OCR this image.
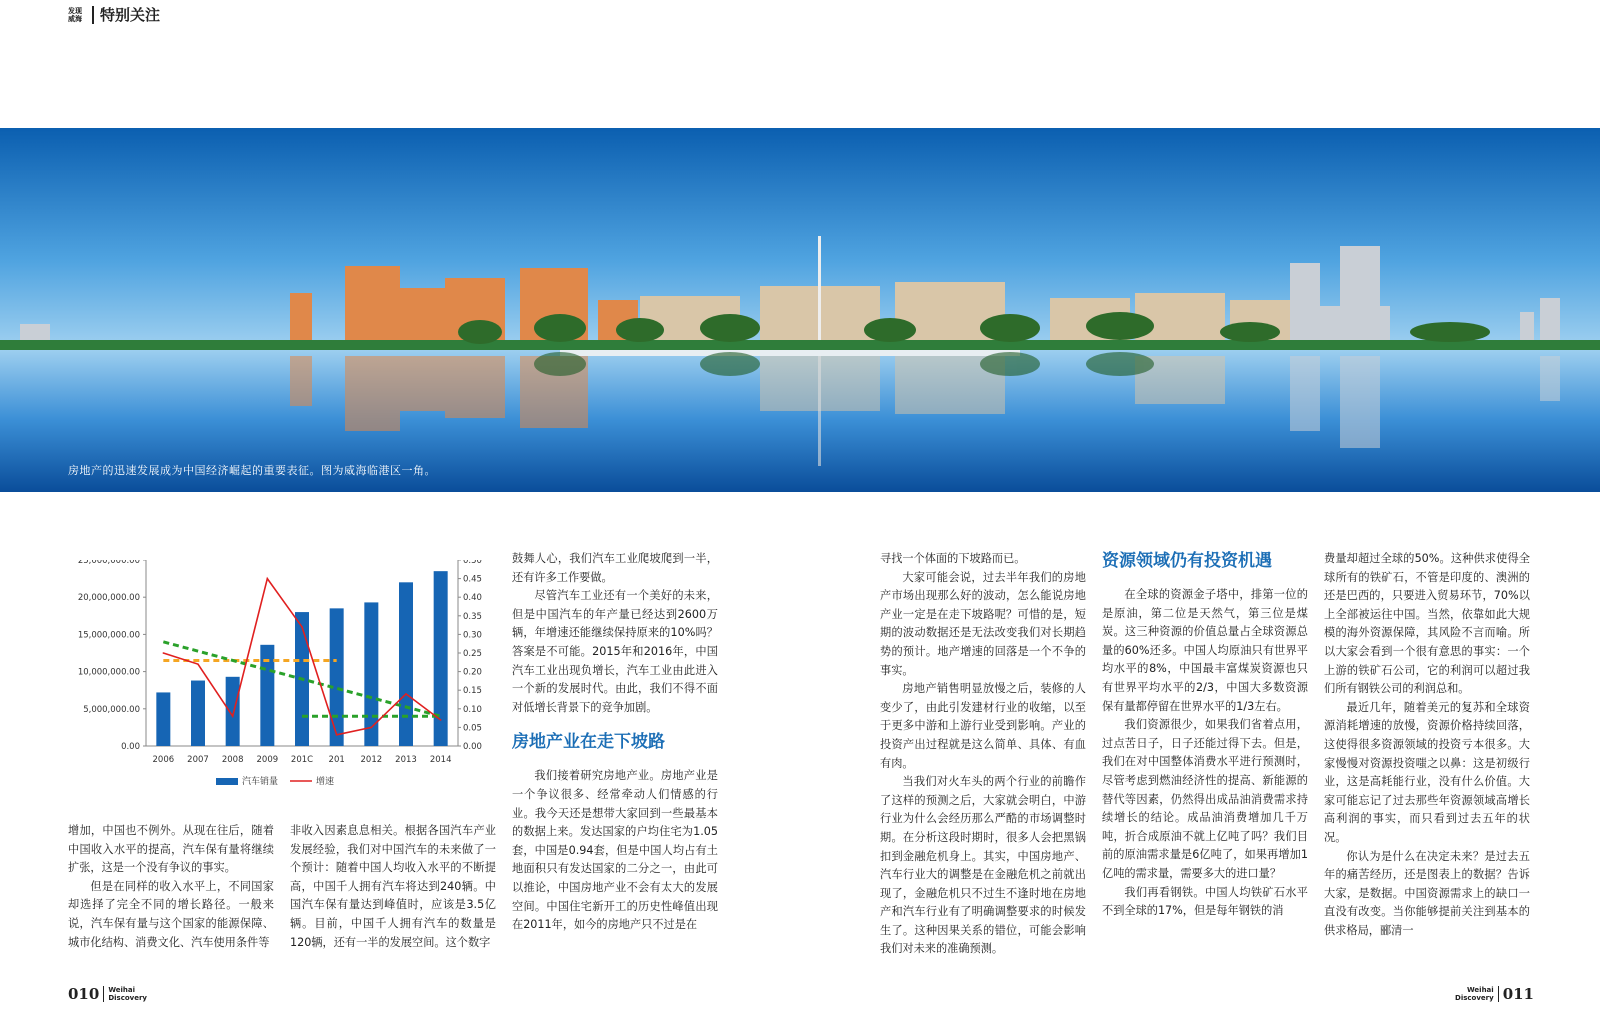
发现
威海 特别关注
房地产的迅速发展成为中国经济崛起的重要表征。图为威海临港区一角。
0.00
5,000,000.00
10,000,000.00
15,000,000.00
20,000,000.00
25,000,000.00
0.00
0.05
0.10
0.15
0.20
0.25
0.30
0.35
0.40
0.45
0.50
2006 2007 2008 2009 201C 201 2012 2013 2014
汽车销量	增速

增加，中国也不例外。从现在往后，随着中国收入水平的提高，汽车保有量将继续扩张，这是一个没有争议的事实。

但是在同样的收入水平上，不同国家却选择了完全不同的增长路径。一般来说，汽车保有量与这个国家的能源保障、城市化结构、消费文化、汽车使用条件等

非收入因素息息相关。根据各国汽车产业发展经验，我们对中国汽车的未来做了一个预计：随着中国人均收入水平的不断提高，中国千人拥有汽车将达到240辆。中国汽车保有量达到峰值时，应该是3.5亿辆。目前，中国千人拥有汽车的数量是120辆，还有一半的发展空间。这个数字

鼓舞人心，我们汽车工业爬坡爬到一半，还有许多工作要做。

尽管汽车工业还有一个美好的未来，但是中国汽车的年产量已经达到2600万辆，年增速还能继续保持原来的10%吗？答案是不可能。2015年和2016年，中国汽车工业出现负增长，汽车工业由此进入一个新的发展时代。由此，我们不得不面对低增长背景下的竞争加剧。

房地产业在走下坡路

我们接着研究房地产业。房地产业是一个争议很多、经常牵动人们情感的行业。我今天还是想带大家回到一些最基本的数据上来。发达国家的户均住宅为1.05套，中国是0.94套，但是中国人均占有土地面积只有发达国家的二分之一，由此可以推论，中国房地产业不会有太大的发展空间。中国住宅新开工的历史性峰值出现在2011年，如今的房地产只不过是在

寻找一个体面的下坡路而已。

大家可能会说，过去半年我们的房地产市场出现那么好的波动，怎么能说房地产业一定是在走下坡路呢？可惜的是，短期的波动数据还是无法改变我们对长期趋势的预计。地产增速的回落是一个不争的事实。

房地产销售明显放慢之后，装修的人变少了，由此引发建材行业的收缩，以至于更多中游和上游行业受到影响。产业的投资产出过程就是这么简单、具体、有血有肉。

当我们对火车头的两个行业的前瞻作了这样的预测之后，大家就会明白，中游行业为什么会经历那么严酷的市场调整时期。在分析这段时期时，很多人会把黑锅扣到金融危机身上。其实，中国房地产、汽车行业大的调整是在金融危机之前就出现了，金融危机只不过生不逢时地在房地产和汽车行业有了明确调整要求的时候发生了。这种因果关系的错位，可能会影响我们对未来的准确预测。

资源领域仍有投资机遇

在全球的资源金子塔中，排第一位的是原油，第二位是天然气，第三位是煤炭。这三种资源的价值总量占全球资源总量的60%还多。中国人均原油只有世界平均水平的8%，中国最丰富煤炭资源也只有世界平均水平的2/3，中国大多数资源保有量都停留在世界水平的1/3左右。

我们资源很少，如果我们省着点用，过点苦日子，日子还能过得下去。但是，我们在对中国整体消费水平进行预测时，尽管考虑到燃油经济性的提高、新能源的替代等因素，仍然得出成品油消费需求持续增长的结论。成品油消费增加几千万吨，折合成原油不就上亿吨了吗？我们目前的原油需求量是6亿吨了，如果再增加1亿吨的需求量，需要多大的进口量？

我们再看钢铁。中国人均铁矿石水平不到全球的17%，但是每年钢铁的消

费量却超过全球的50%。这种供求使得全球所有的铁矿石，不管是印度的、澳洲的还是巴西的，只要进入贸易环节，70%以上全部被运往中国。当然，依靠如此大规模的海外资源保障，其风险不言而喻。所以大家会看到一个很有意思的事实：一个上游的铁矿石公司，它的利润可以超过我们所有钢铁公司的利润总和。

最近几年，随着美元的复苏和全球资源消耗增速的放慢，资源价格持续回落，这使得很多资源领域的投资亏本很多。大家慢慢对资源投资嗤之以鼻：这是初级行业，这是高耗能行业，没有什么价值。大家可能忘记了过去那些年资源领域高增长高利润的事实，而只看到过去五年的状况。

你认为是什么在决定未来？是过去五年的痛苦经历，还是图表上的数据？告诉大家，是数据。中国资源需求上的缺口一直没有改变。当你能够提前关注到基本的供求格局，郦清一

010 Weihai
Discovery
Weihai
Discovery 011
